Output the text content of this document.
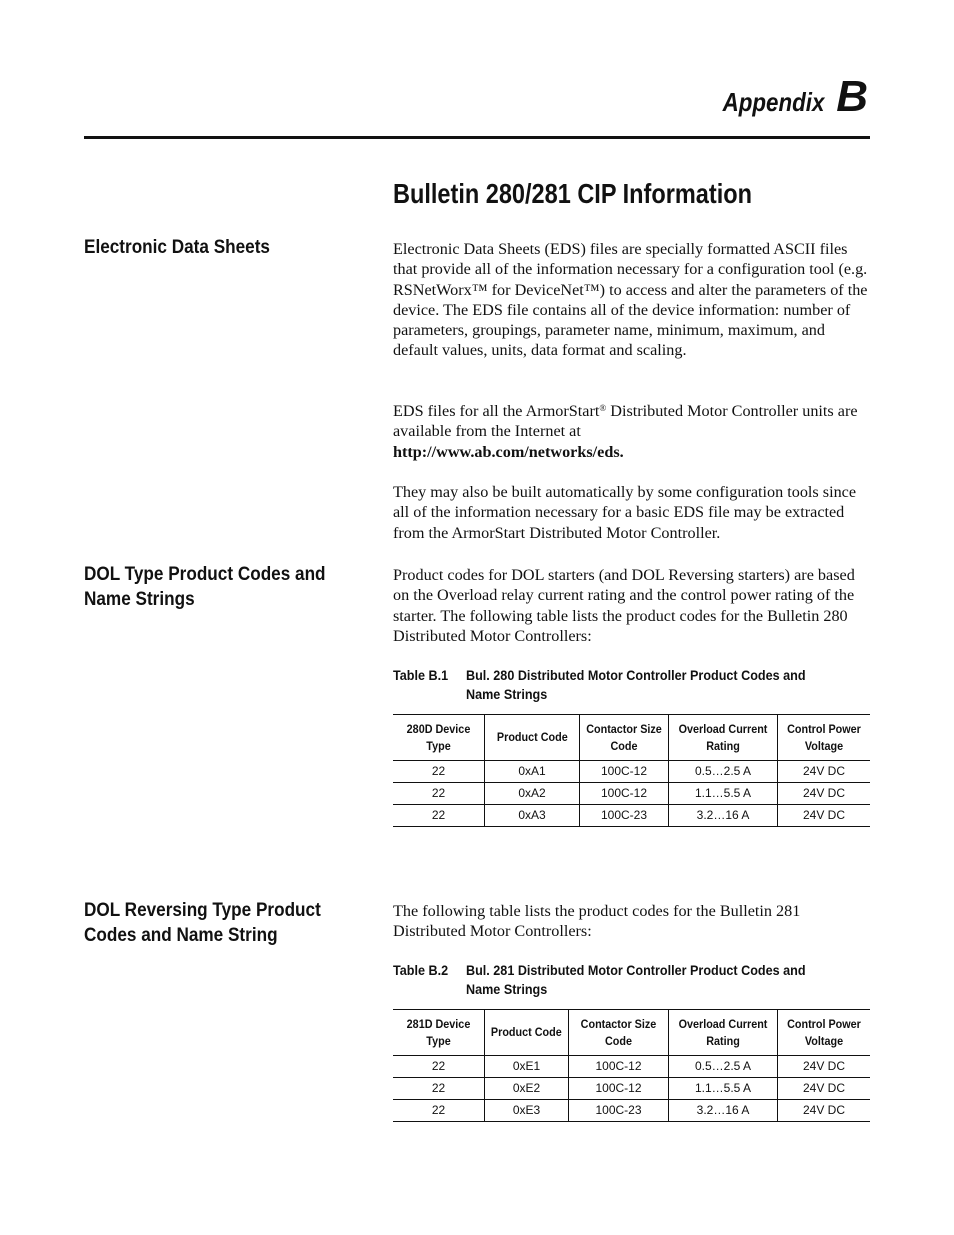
Appendix B
Bulletin 280/281 CIP Information
Electronic Data Sheets	Electronic Data Sheets (EDS) files are specially formatted ASCII files that provide all of the information necessary for a configuration tool (e.g. RSNetWorx™ for DeviceNet™) to access and alter the parameters of the device. The EDS file contains all of the device information: number of parameters, groupings, parameter name, minimum, maximum, and default values, units, data format and scaling.

EDS files for all the ArmorStart® Distributed Motor Controller units are available from the Internet at
http://www.ab.com/networks/eds.

They may also be built automatically by some configuration tools since all of the information necessary for a basic EDS file may be extracted from the ArmorStart Distributed Motor Controller.

DOL Type Product Codes and Name Strings

Product codes for DOL starters (and DOL Reversing starters) are based on the Overload relay current rating and the control power rating of the starter. The following table lists the product codes for the Bulletin 280 Distributed Motor Controllers:

Table B.1	Bul. 280 Distributed Motor Controller Product Codes and Name Strings
280D Device Type	Product Code	Contactor Size Code	Overload Current Rating	Control Power Voltage
22	0xA1	100C-12	0.5…2.5 A	24V DC
22	0xA2	100C-12	1.1…5.5 A	24V DC
22	0xA3	100C-23	3.2…16 A	24V DC
DOL Reversing Type Product Codes and Name String

The following table lists the product codes for the Bulletin 281 Distributed Motor Controllers:

Table B.2	Bul. 281 Distributed Motor Controller Product Codes and Name Strings
281D Device Type	Product Code	Contactor Size Code	Overload Current Rating	Control Power Voltage
22	0xE1	100C-12	0.5…2.5 A	24V DC
22	0xE2	100C-12	1.1…5.5 A	24V DC
22	0xE3	100C-23	3.2…16 A	24V DC
